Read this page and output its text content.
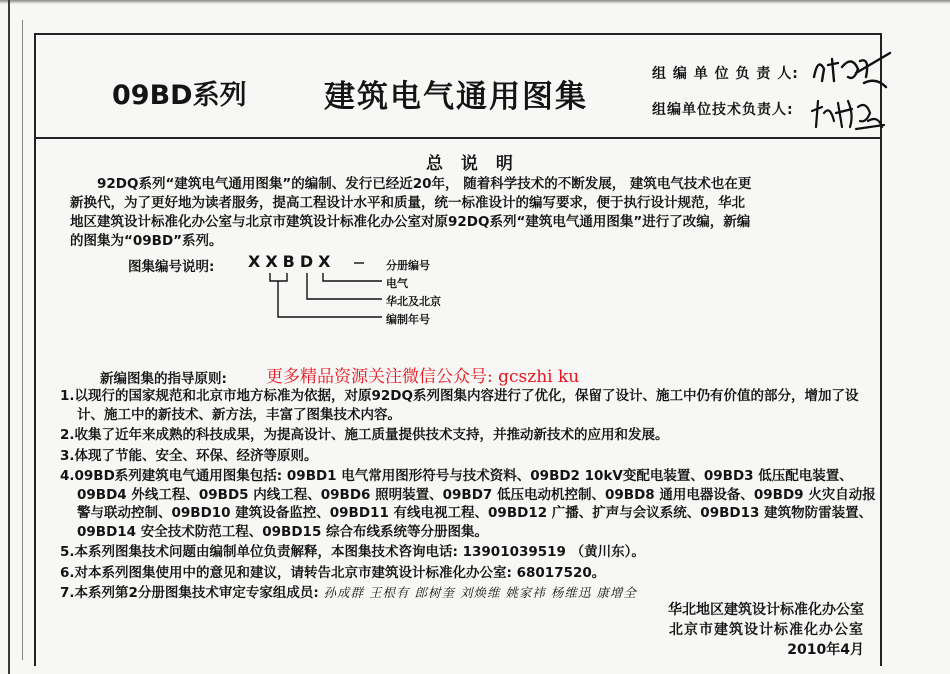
09BD系列 建筑电气通用图集
组 编 单 位 负 责 人:
组编单位技术负责人:
总 说 明

92DQ系列“建筑电气通用图集”的编制、发行已经近20年， 随着科学技术的不断发展， 建筑电气技术也在更

新换代，为了更好地为读者服务，提高工程设计水平和质量，统一标准设计的编写要求，便于执行设计规范，华北

地区建筑设计标准化办公室与北京市建筑设计标准化办公室对原92DQ系列“建筑电气通用图集”进行了改编，新编

的图集为“09BD”系列。

图集编号说明: XXBDX	分册编号
电气
华北及北京
编制年号
新编图集的指导原则: 更多精品资源关注微信公众号: gcszhi ku

1.以现行的国家规范和北京市地方标准为依据，对原92DQ系列图集内容进行了优化，保留了设计、施工中仍有价值的部分，增加了设计、施工中的新技术、新方法，丰富了图集技术内容。

2.收集了近年来成熟的科技成果，为提高设计、施工质量提供技术支持，并推动新技术的应用和发展。

3.体现了节能、安全、环保、经济等原则。

4.09BD系列建筑电气通用图集包括: 09BD1 电气常用图形符号与技术资料、09BD2 10kV变配电装置、09BD3 低压配电装置、09BD4 外线工程、09BD5 内线工程、09BD6 照明装置、09BD7 低压电动机控制、09BD8 通用电器设备、09BD9 火灾自动报警与联动控制、09BD10 建筑设备监控、09BD11 有线电视工程、09BD12 广播、扩声与会议系统、09BD13 建筑物防雷装置、09BD14 安全技术防范工程、09BD15 综合布线系统等分册图集。

5.本系列图集技术问题由编制单位负责解释，本图集技术咨询电话: 13901039519 （黄川东）。

6.对本系列图集使用中的意见和建议，请转告北京市建筑设计标准化办公室: 68017520。

7.本系列第2分册图集技术审定专家组成员: 孙成群 王根有 郎树奎 刘焕维 姚家祎 杨维迅 康增全

华北地区建筑设计标准化办公室
北京市建筑设计标准化办公室
2010年4月
